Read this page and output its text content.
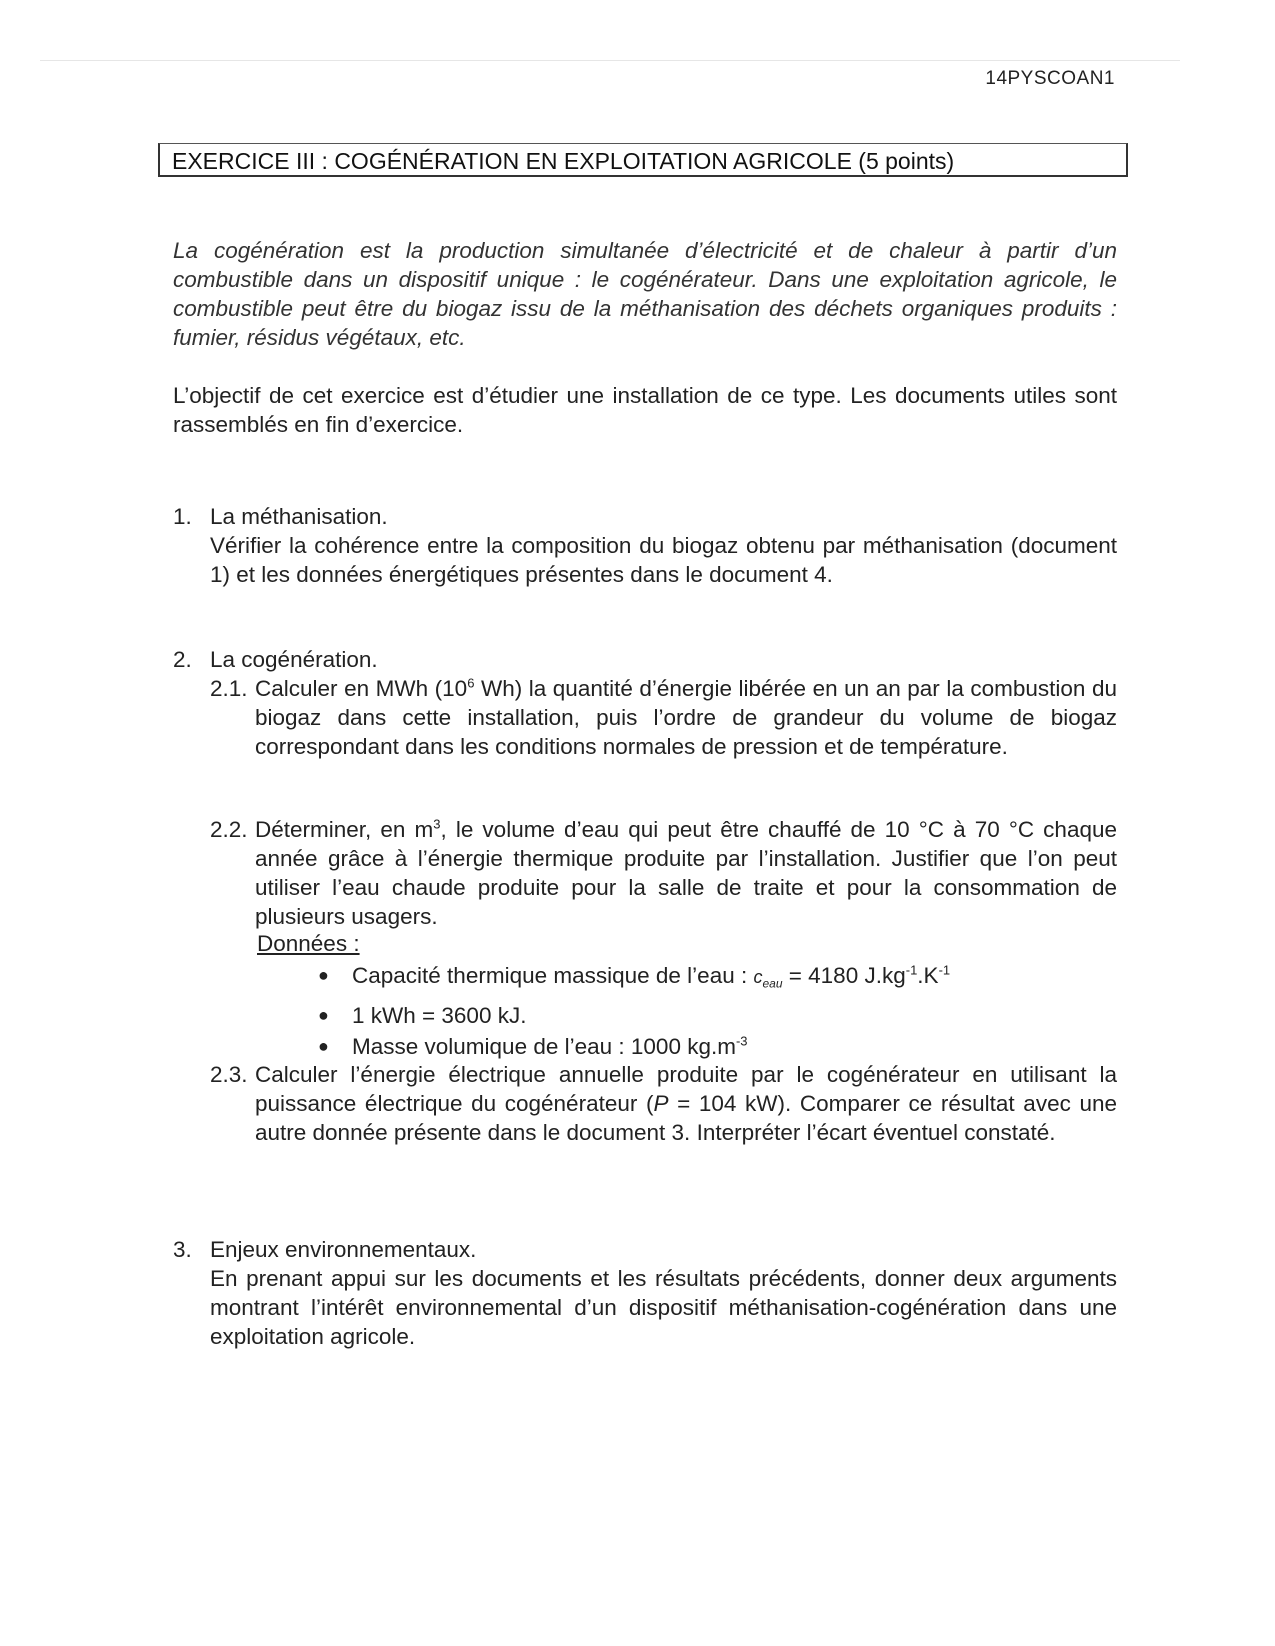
14PYSCOAN1
EXERCICE III : COGÉNÉRATION EN EXPLOITATION AGRICOLE (5 points)
La cogénération est la production simultanée d’électricité et de chaleur à partir d’un combustible dans un dispositif unique : le cogénérateur. Dans une exploitation agricole, le combustible peut être du biogaz issu de la méthanisation des déchets organiques produits : fumier, résidus végétaux, etc.
L’objectif de cet exercice est d’étudier une installation de ce type. Les documents utiles sont rassemblés en fin d’exercice.
1. La méthanisation.
Vérifier la cohérence entre la composition du biogaz obtenu par méthanisation (document 1) et les données énergétiques présentes dans le document 4.
2. La cogénération.
2.1. Calculer en MWh ($10^6$ Wh) la quantité d’énergie libérée en un an par la combustion du biogaz dans cette installation, puis l’ordre de grandeur du volume de biogaz correspondant dans les conditions normales de pression et de température.
2.2. Déterminer, en $m^3$, le volume d’eau qui peut être chauffé de 10 °C à 70 °C chaque année grâce à l’énergie thermique produite par l’installation. Justifier que l’on peut utiliser l’eau chaude produite pour la salle de traite et pour la consommation de plusieurs usagers.
Données :
● Capacité thermique massique de l’eau : $c_{eau} = 4180$ $J.kg^{-1}.K^{-1}$
● 1 kWh = 3600 kJ.
● Masse volumique de l’eau : 1000 $kg.m^{-3}$
2.3. Calculer l’énergie électrique annuelle produite par le cogénérateur en utilisant la puissance électrique du cogénérateur (P = 104 kW). Comparer ce résultat avec une autre donnée présente dans le document 3. Interpréter l’écart éventuel constaté.
3. Enjeux environnementaux.
En prenant appui sur les documents et les résultats précédents, donner deux arguments montrant l’intérêt environnemental d’un dispositif méthanisation-cogénération dans une exploitation agricole.
